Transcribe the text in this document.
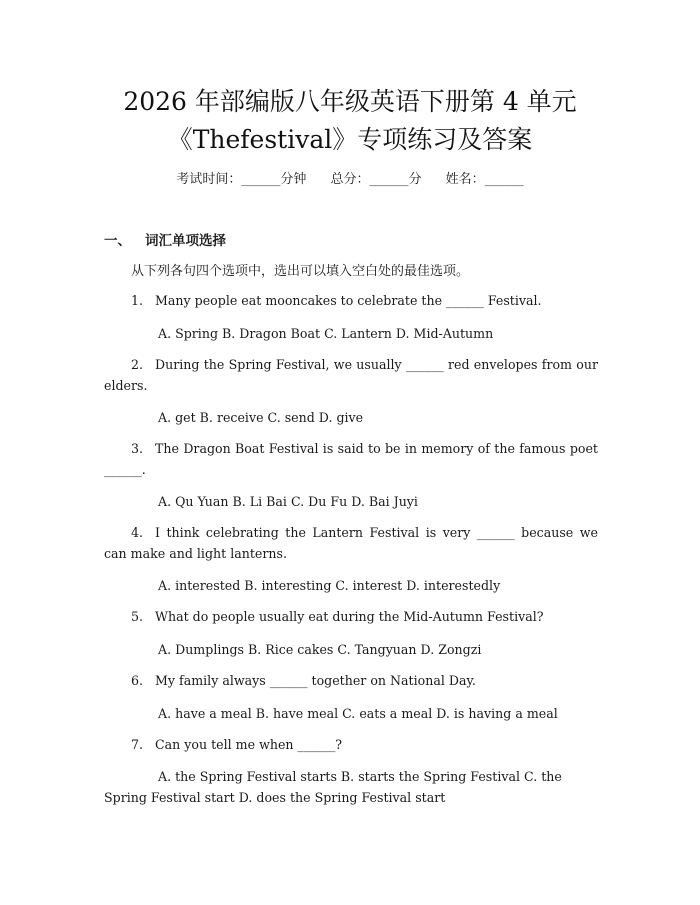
2026 年部编版八年级英语下册第 4 单元
《Thefestival》专项练习及答案
考试时间：______分钟 总分：______分 姓名：______
一、 词汇单项选择
从下列各句四个选项中，选出可以填入空白处的最佳选项。
1. Many people eat mooncakes to celebrate the ______ Festival.
A. Spring B. Dragon Boat C. Lantern D. Mid-Autumn
2. During the Spring Festival, we usually ______ red envelopes from our elders.
A. get B. receive C. send D. give
3. The Dragon Boat Festival is said to be in memory of the famous poet ______.
A. Qu Yuan B. Li Bai C. Du Fu D. Bai Juyi
4. I think celebrating the Lantern Festival is very ______ because we can make and light lanterns.
A. interested B. interesting C. interest D. interestedly
5. What do people usually eat during the Mid-Autumn Festival?
A. Dumplings B. Rice cakes C. Tangyuan D. Zongzi
6. My family always ______ together on National Day.
A. have a meal B. have meal C. eats a meal D. is having a meal
7. Can you tell me when ______?
A. the Spring Festival starts B. starts the Spring Festival C. the Spring Festival start D. does the Spring Festival start
